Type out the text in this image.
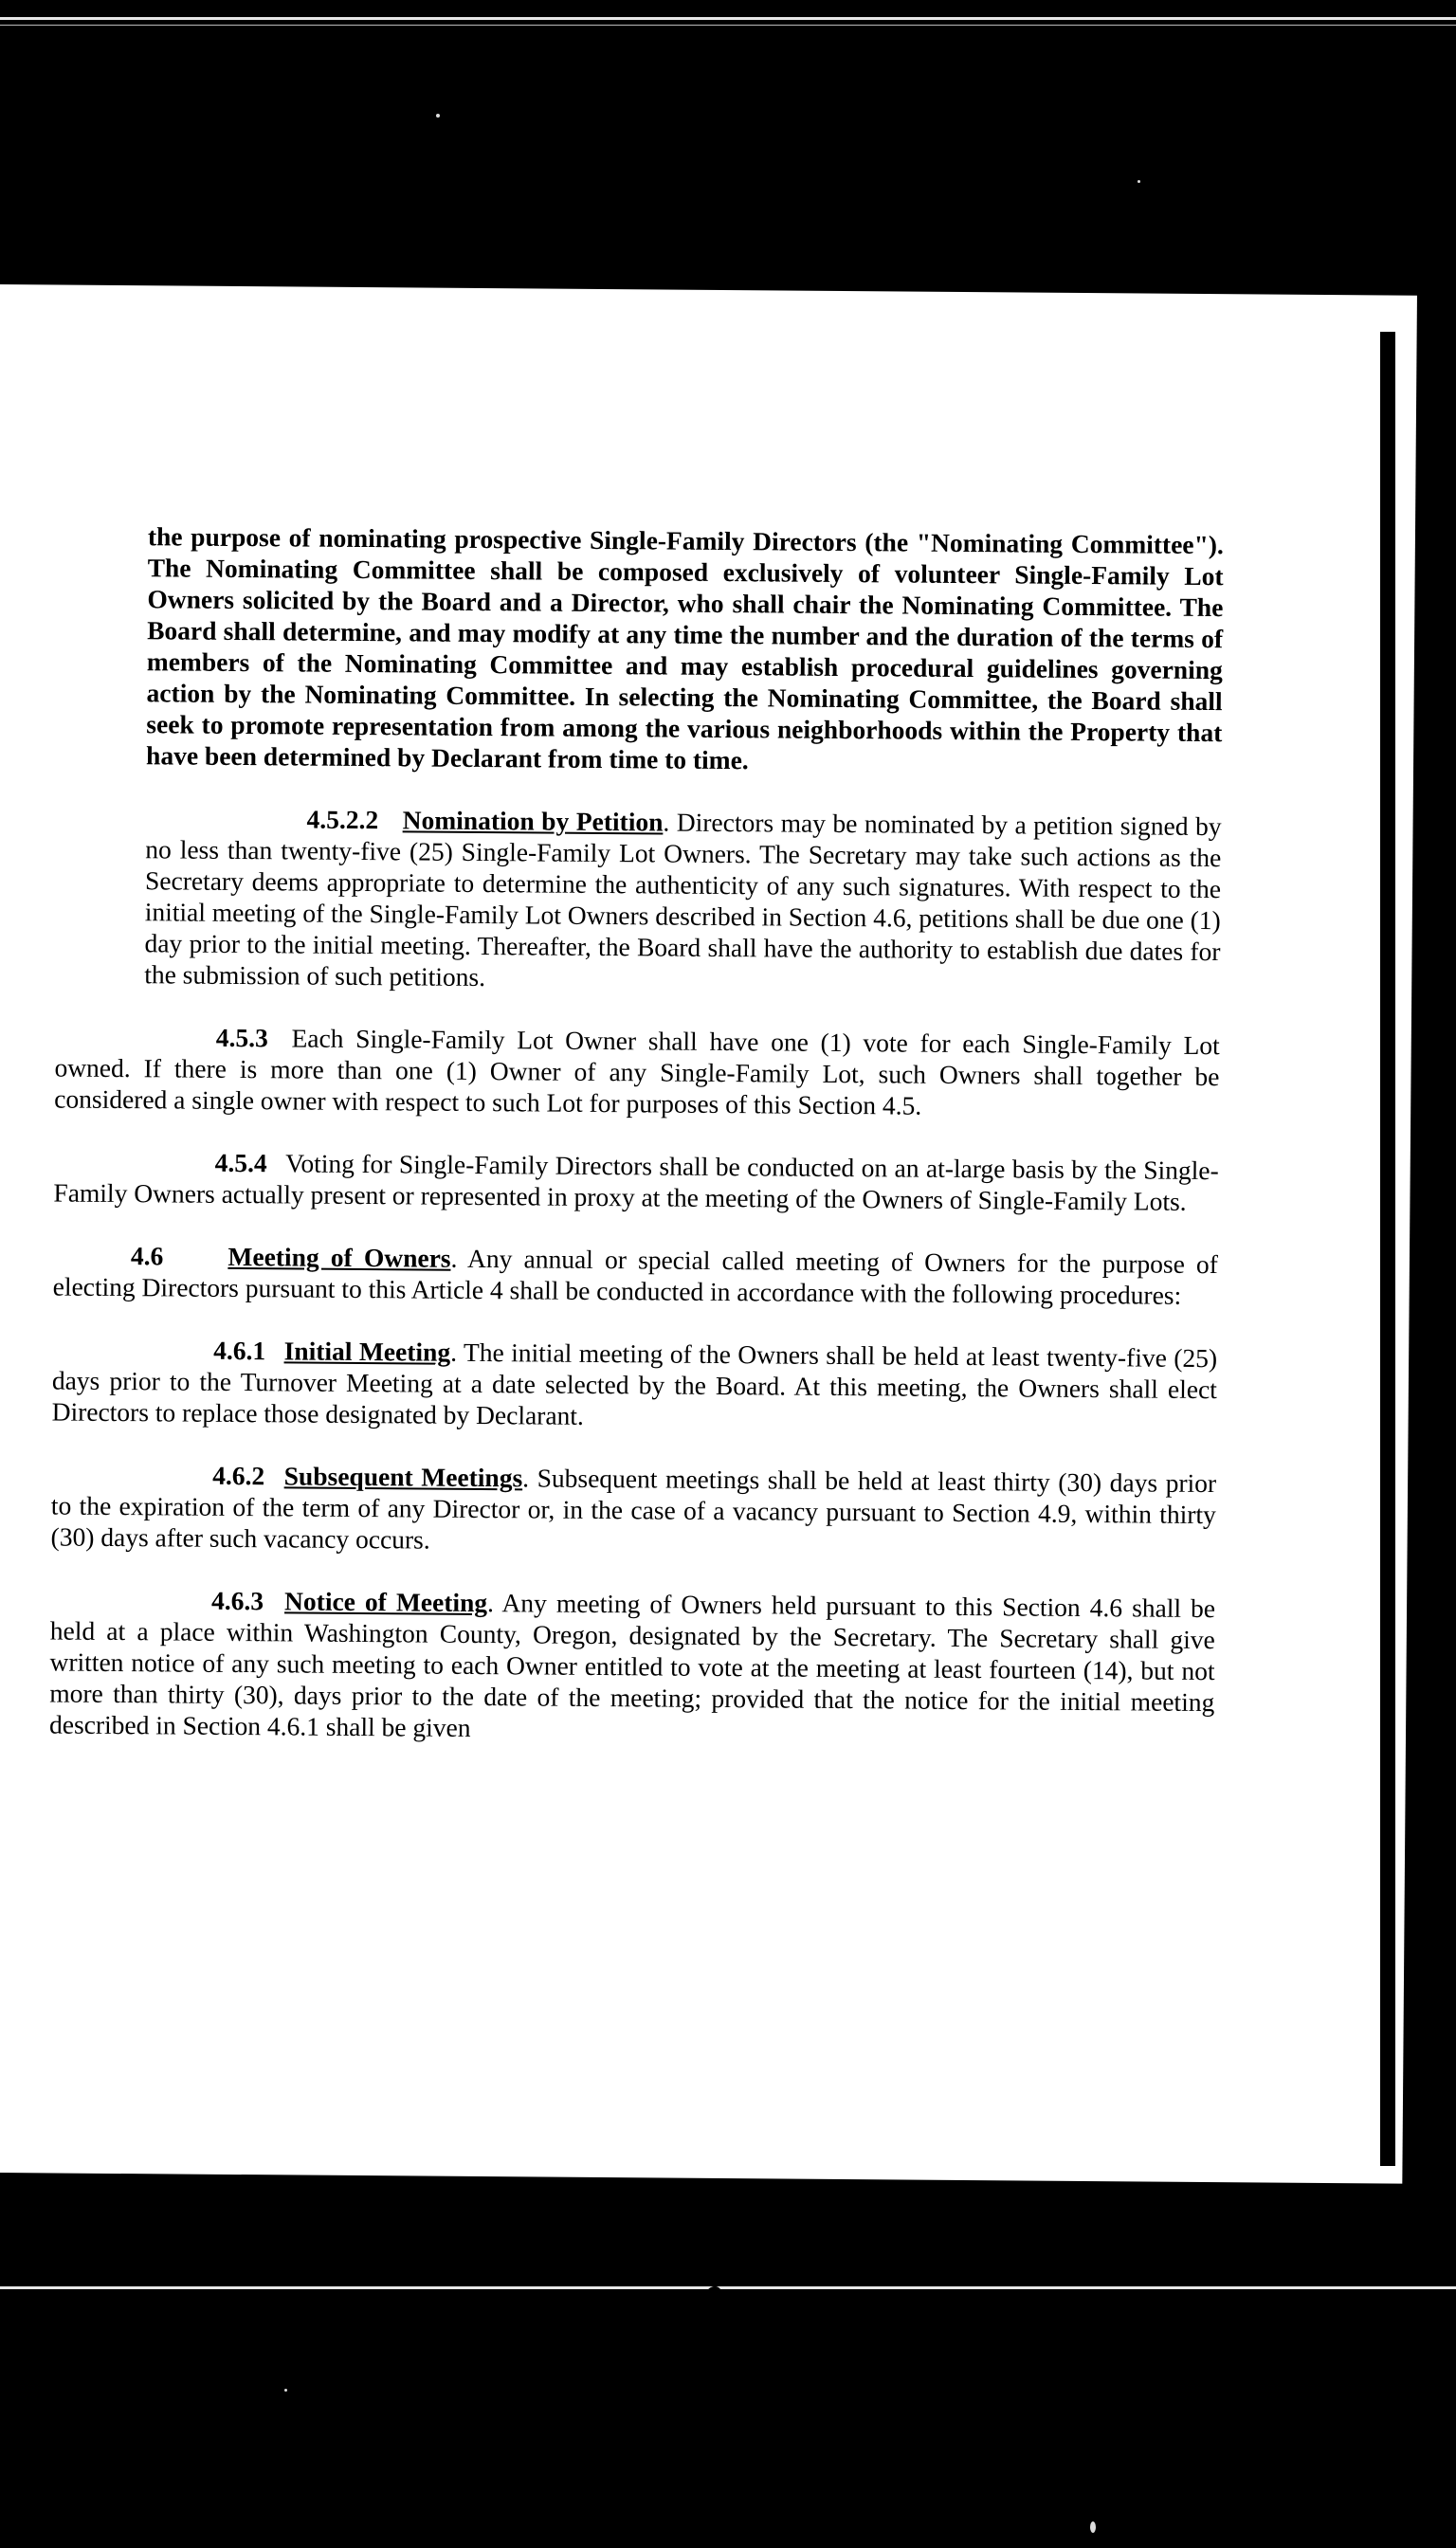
the purpose of nominating prospective Single-Family Directors (the "Nominating Committee"). The Nominating Committee shall be composed exclusively of volunteer Single-Family Lot Owners solicited by the Board and a Director, who shall chair the Nominating Committee. The Board shall determine, and may modify at any time the number and the duration of the terms of members of the Nominating Committee and may establish procedural guidelines governing action by the Nominating Committee. In selecting the Nominating Committee, the Board shall seek to promote representation from among the various neighborhoods within the Property that have been determined by Declarant from time to time.

4.5.2.2 Nomination by Petition. Directors may be nominated by a petition signed by no less than twenty-five (25) Single-Family Lot Owners. The Secretary may take such actions as the Secretary deems appropriate to determine the authenticity of any such signatures. With respect to the initial meeting of the Single-Family Lot Owners described in Section 4.6, petitions shall be due one (1) day prior to the initial meeting. Thereafter, the Board shall have the authority to establish due dates for the submission of such petitions.

4.5.3 Each Single-Family Lot Owner shall have one (1) vote for each Single-Family Lot owned. If there is more than one (1) Owner of any Single-Family Lot, such Owners shall together be considered a single owner with respect to such Lot for purposes of this Section 4.5.

4.5.4 Voting for Single-Family Directors shall be conducted on an at-large basis by the Single-Family Owners actually present or represented in proxy at the meeting of the Owners of Single-Family Lots.

4.6 Meeting of Owners. Any annual or special called meeting of Owners for the purpose of electing Directors pursuant to this Article 4 shall be conducted in accordance with the following procedures:

4.6.1 Initial Meeting. The initial meeting of the Owners shall be held at least twenty-five (25) days prior to the Turnover Meeting at a date selected by the Board. At this meeting, the Owners shall elect Directors to replace those designated by Declarant.

4.6.2 Subsequent Meetings. Subsequent meetings shall be held at least thirty (30) days prior to the expiration of the term of any Director or, in the case of a vacancy pursuant to Section 4.9, within thirty (30) days after such vacancy occurs.

4.6.3 Notice of Meeting. Any meeting of Owners held pursuant to this Section 4.6 shall be held at a place within Washington County, Oregon, designated by the Secretary. The Secretary shall give written notice of any such meeting to each Owner entitled to vote at the meeting at least fourteen (14), but not more than thirty (30), days prior to the date of the meeting; provided that the notice for the initial meeting described in Section 4.6.1 shall be given

PAGE 4. AMENDED AND RESTATED BYLAWS	MURRAYHILL\PSR\Bylaws.003
5 /10
